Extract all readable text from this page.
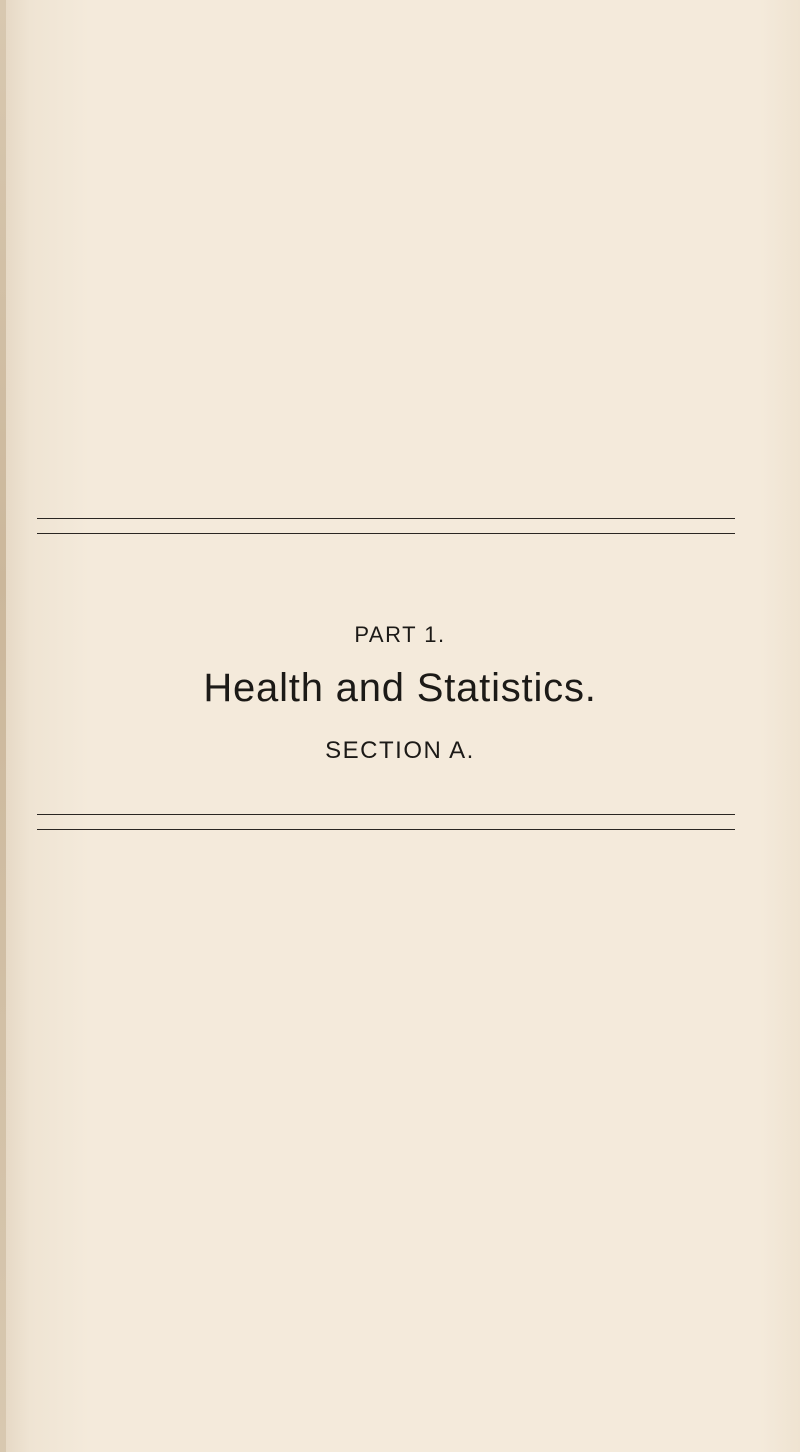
PART 1.
Health and Statistics.
SECTION A.
